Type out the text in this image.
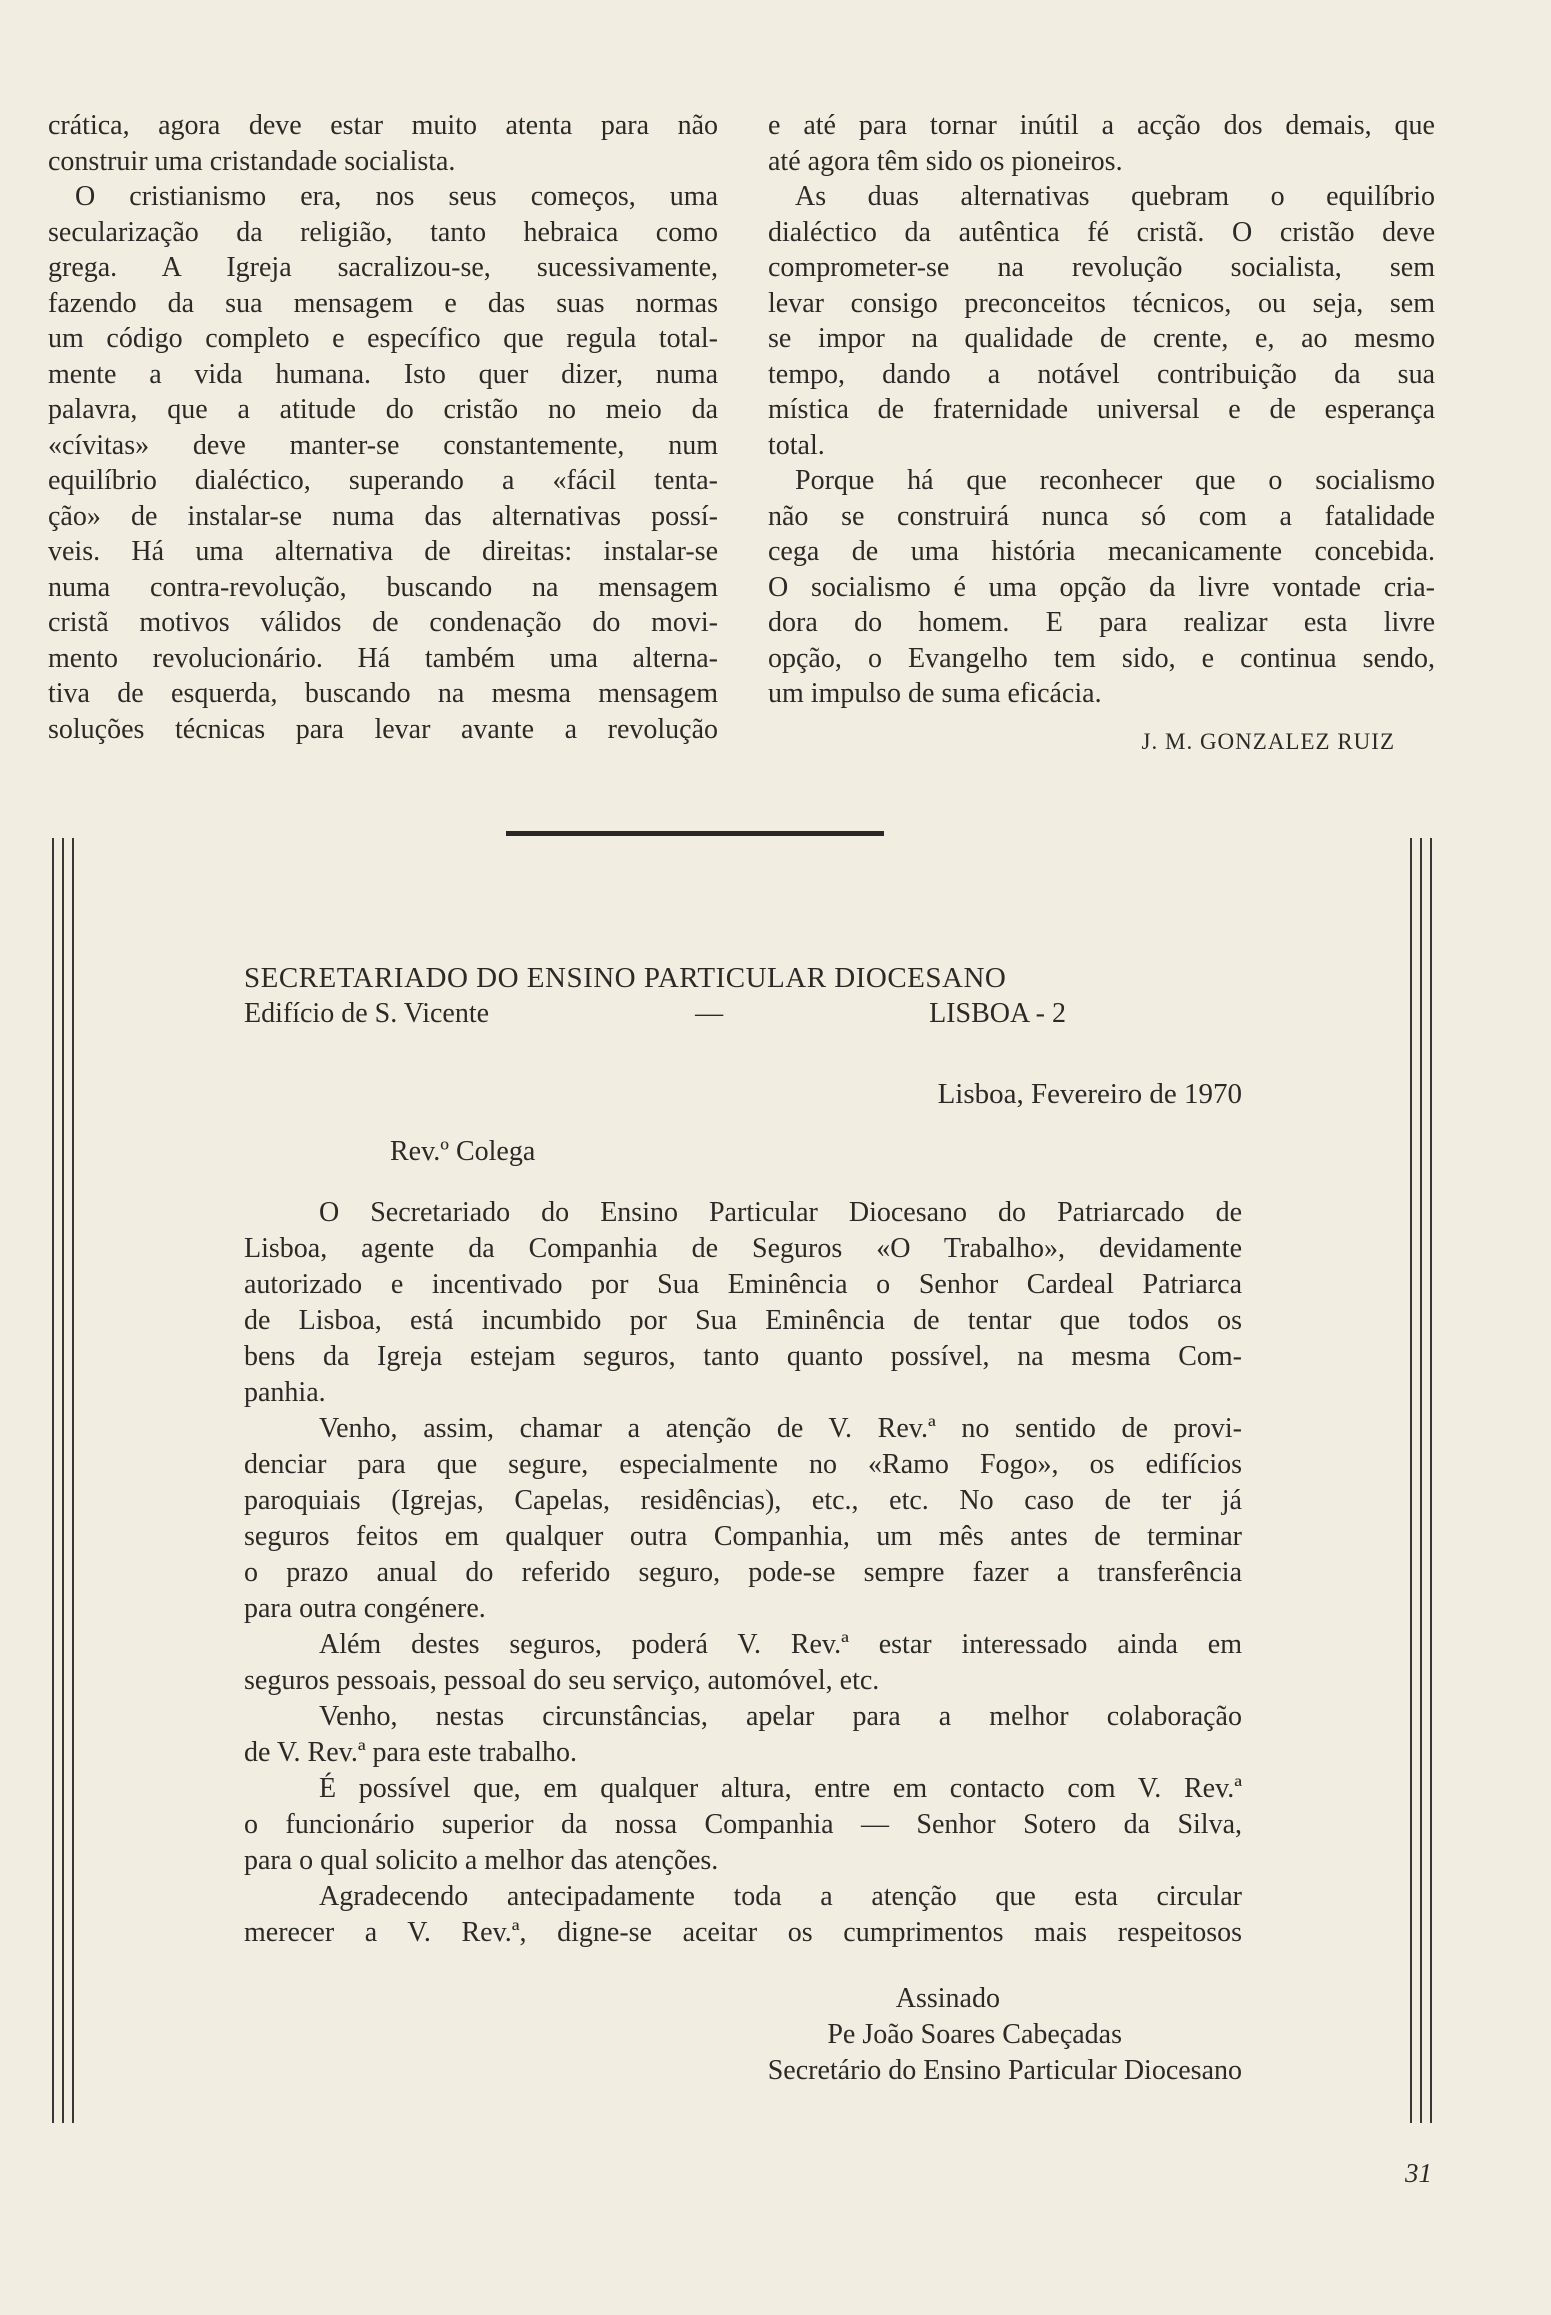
crática, agora deve estar muito atenta para não
construir uma cristandade socialista.
O cristianismo era, nos seus começos, uma
secularização da religião, tanto hebraica como
grega. A Igreja sacralizou-se, sucessivamente,
fazendo da sua mensagem e das suas normas
um código completo e específico que regula total-
mente a vida humana. Isto quer dizer, numa
palavra, que a atitude do cristão no meio da
«cívitas» deve manter-se constantemente, num
equilíbrio dialéctico, superando a «fácil tenta-
ção» de instalar-se numa das alternativas possí-
veis. Há uma alternativa de direitas: instalar-se
numa contra-revolução, buscando na mensagem
cristã motivos válidos de condenação do movi-
mento revolucionário. Há também uma alterna-
tiva de esquerda, buscando na mesma mensagem
soluções técnicas para levar avante a revolução
e até para tornar inútil a acção dos demais, que
até agora têm sido os pioneiros.
As duas alternativas quebram o equilíbrio
dialéctico da autêntica fé cristã. O cristão deve
comprometer-se na revolução socialista, sem
levar consigo preconceitos técnicos, ou seja, sem
se impor na qualidade de crente, e, ao mesmo
tempo, dando a notável contribuição da sua
mística de fraternidade universal e de esperança
total.
Porque há que reconhecer que o socialismo
não se construirá nunca só com a fatalidade
cega de uma história mecanicamente concebida.
O socialismo é uma opção da livre vontade cria-
dora do homem. E para realizar esta livre
opção, o Evangelho tem sido, e continua sendo,
um impulso de suma eficácia.
J. M. GONZALEZ RUIZ
SECRETARIADO DO ENSINO PARTICULAR DIOCESANO
Edifício de S. Vicente	—	LISBOA - 2
Lisboa, Fevereiro de 1970
Rev.º Colega
O Secretariado do Ensino Particular Diocesano do Patriarcado de
Lisboa, agente da Companhia de Seguros «O Trabalho», devidamente
autorizado e incentivado por Sua Eminência o Senhor Cardeal Patriarca
de Lisboa, está incumbido por Sua Eminência de tentar que todos os
bens da Igreja estejam seguros, tanto quanto possível, na mesma Com-
panhia.
Venho, assim, chamar a atenção de V. Rev.ª no sentido de provi-
denciar para que segure, especialmente no «Ramo Fogo», os edifícios
paroquiais (Igrejas, Capelas, residências), etc., etc. No caso de ter já
seguros feitos em qualquer outra Companhia, um mês antes de terminar
o prazo anual do referido seguro, pode-se sempre fazer a transferência
para outra congénere.
Além destes seguros, poderá V. Rev.ª estar interessado ainda em
seguros pessoais, pessoal do seu serviço, automóvel, etc.
Venho, nestas circunstâncias, apelar para a melhor colaboração
de V. Rev.ª para este trabalho.
É possível que, em qualquer altura, entre em contacto com V. Rev.ª
o funcionário superior da nossa Companhia — Senhor Sotero da Silva,
para o qual solicito a melhor das atenções.
Agradecendo antecipadamente toda a atenção que esta circular
merecer a V. Rev.ª, digne-se aceitar os cumprimentos mais respeitosos
Assinado
Pe João Soares Cabeçadas
Secretário do Ensino Particular Diocesano
31
